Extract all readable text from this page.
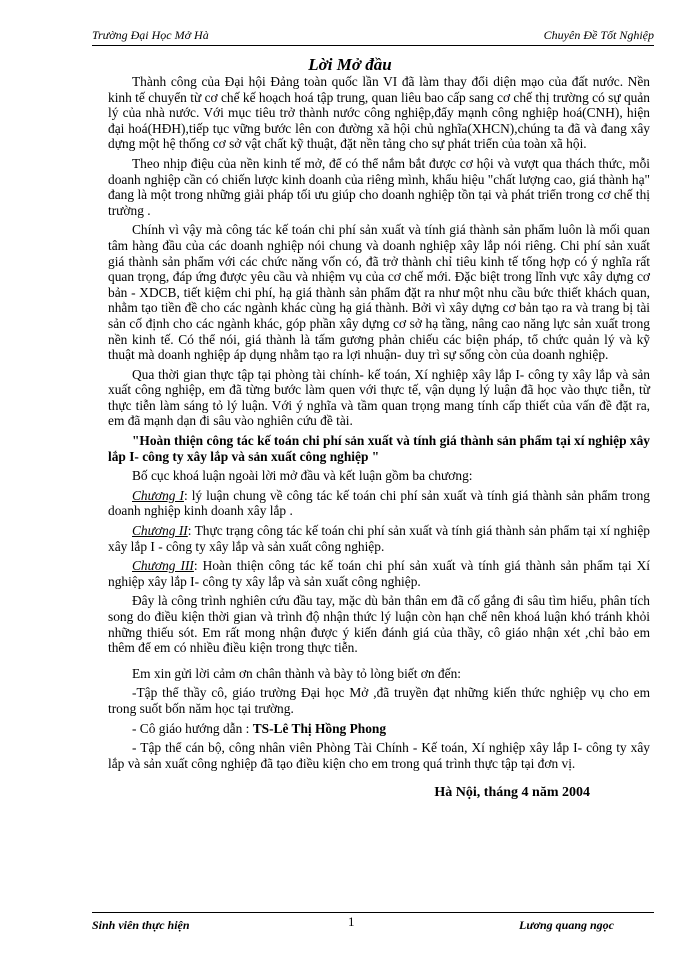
Trường Đại Học Mở Hà	Chuyên Đề Tốt Nghiệp
Lời Mở đầu

Thành công của Đại hội Đảng toàn quốc lần VI đã làm thay đổi diện mạo của đất nước. Nền kinh tế chuyển từ cơ chế kế hoạch hoá tập trung, quan liêu bao cấp sang cơ chế thị trường có sự quản lý của nhà nước. Với mục tiêu trở thành nước công nghiệp,đẩy mạnh công nghiệp hoá(CNH), hiện đại hoá(HĐH),tiếp tục vững bước lên con đường xã hội chủ nghĩa(XHCN),chúng ta đã và đang xây dựng một hệ thống cơ sở vật chất kỹ thuật, đặt nền tảng cho sự phát triển của toàn xã hội.

Theo nhịp điệu của nền kinh tế mở, để có thể nắm bắt được cơ hội và vượt qua thách thức, mỗi doanh nghiệp cần có chiến lược kinh doanh của riêng mình, khẩu hiệu "chất lượng cao, giá thành hạ" đang là một trong những giải pháp tối ưu giúp cho doanh nghiệp tồn tại và phát triển trong cơ chế thị trường .

Chính vì vậy mà công tác kế toán chi phí sản xuất và tính giá thành sản phẩm luôn là mối quan tâm hàng đầu của các doanh nghiệp nói chung và doanh nghiệp xây lắp nói riêng. Chi phí sản xuất giá thành sản phẩm với các chức năng vốn có, đã trở thành chỉ tiêu kinh tế tổng hợp có ý nghĩa rất quan trọng, đáp ứng được yêu cầu và nhiệm vụ của cơ chế mới. Đặc biệt trong lĩnh vực xây dựng cơ bản - XDCB, tiết kiệm chi phí, hạ giá thành sản phẩm đặt ra như một nhu cầu bức thiết khách quan, nhằm tạo tiền đề cho các ngành khác cùng hạ giá thành. Bởi vì xây dựng cơ bản tạo ra và trang bị tài sản cố định cho các ngành khác, góp phần xây dựng cơ sở hạ tầng, nâng cao năng lực sản xuất trong nền kinh tế. Có thể nói, giá thành là tấm gương phản chiếu các biện pháp, tổ chức quản lý và kỹ thuật mà doanh nghiệp áp dụng nhằm tạo ra lợi nhuận- duy trì sự sống còn của doanh nghiệp.

Qua thời gian thực tập tại phòng tài chính- kế toán, Xí nghiệp xây lắp I- công ty xây lắp và sản xuất công nghiệp, em đã từng bước làm quen với thực tế, vận dụng lý luận đã học vào thực tiễn, từ thực tiễn làm sáng tỏ lý luận. Với ý nghĩa và tầm quan trọng mang tính cấp thiết của vấn đề đặt ra, em đã mạnh dạn đi sâu vào nghiên cứu đề tài.

"Hoàn thiện công tác kế toán chi phí sản xuất và tính giá thành sản phẩm tại xí nghiệp xây lắp I- công ty xây lắp và sản xuất công nghiệp "

Bố cục khoá luận ngoài lời mở đầu và kết luận gồm ba chương:

Chương I: lý luận chung về công tác kế toán chi phí sản xuất và tính giá thành sản phẩm trong doanh nghiệp kinh doanh xây lắp .

Chương II: Thực trạng công tác kế toán chi phí sản xuất và tính giá thành sản phẩm tại xí nghiệp xây lắp I - công ty xây lắp và sản xuất công nghiệp.

Chương III: Hoàn thiện công tác kế toán chi phí sản xuất và tính giá thành sản phẩm tại Xí nghiệp xây lắp I- công ty xây lắp và sản xuất công nghiệp.

Đây là công trình nghiên cứu đầu tay, mặc dù bản thân em đã cố gắng đi sâu tìm hiểu, phân tích song do điều kiện thời gian và trình độ nhận thức lý luận còn hạn chế nên khoá luận khó tránh khỏi những thiếu sót. Em rất mong nhận được ý kiến đánh giá của thầy, cô giáo nhận xét ,chỉ bảo em thêm để em có nhiều điều kiện trong thực tiễn.

Em xin gửi lời cảm ơn chân thành và bày tỏ lòng biết ơn đến:

-Tập thể thầy cô, giáo trường Đại học Mở ,đã truyền đạt những kiến thức nghiệp vụ cho em trong suốt bốn năm học tại trường.

- Cô giáo hướng dẫn : TS-Lê Thị Hồng Phong

- Tập thể cán bộ, công nhân viên Phòng Tài Chính - Kế toán, Xí nghiệp xây lắp I- công ty xây lắp và sản xuất công nghiệp đã tạo điều kiện cho em trong quá trình thực tập tại đơn vị.

Hà Nội, tháng 4 năm 2004
Sinh viên thực hiện	1	Lương quang ngọc
